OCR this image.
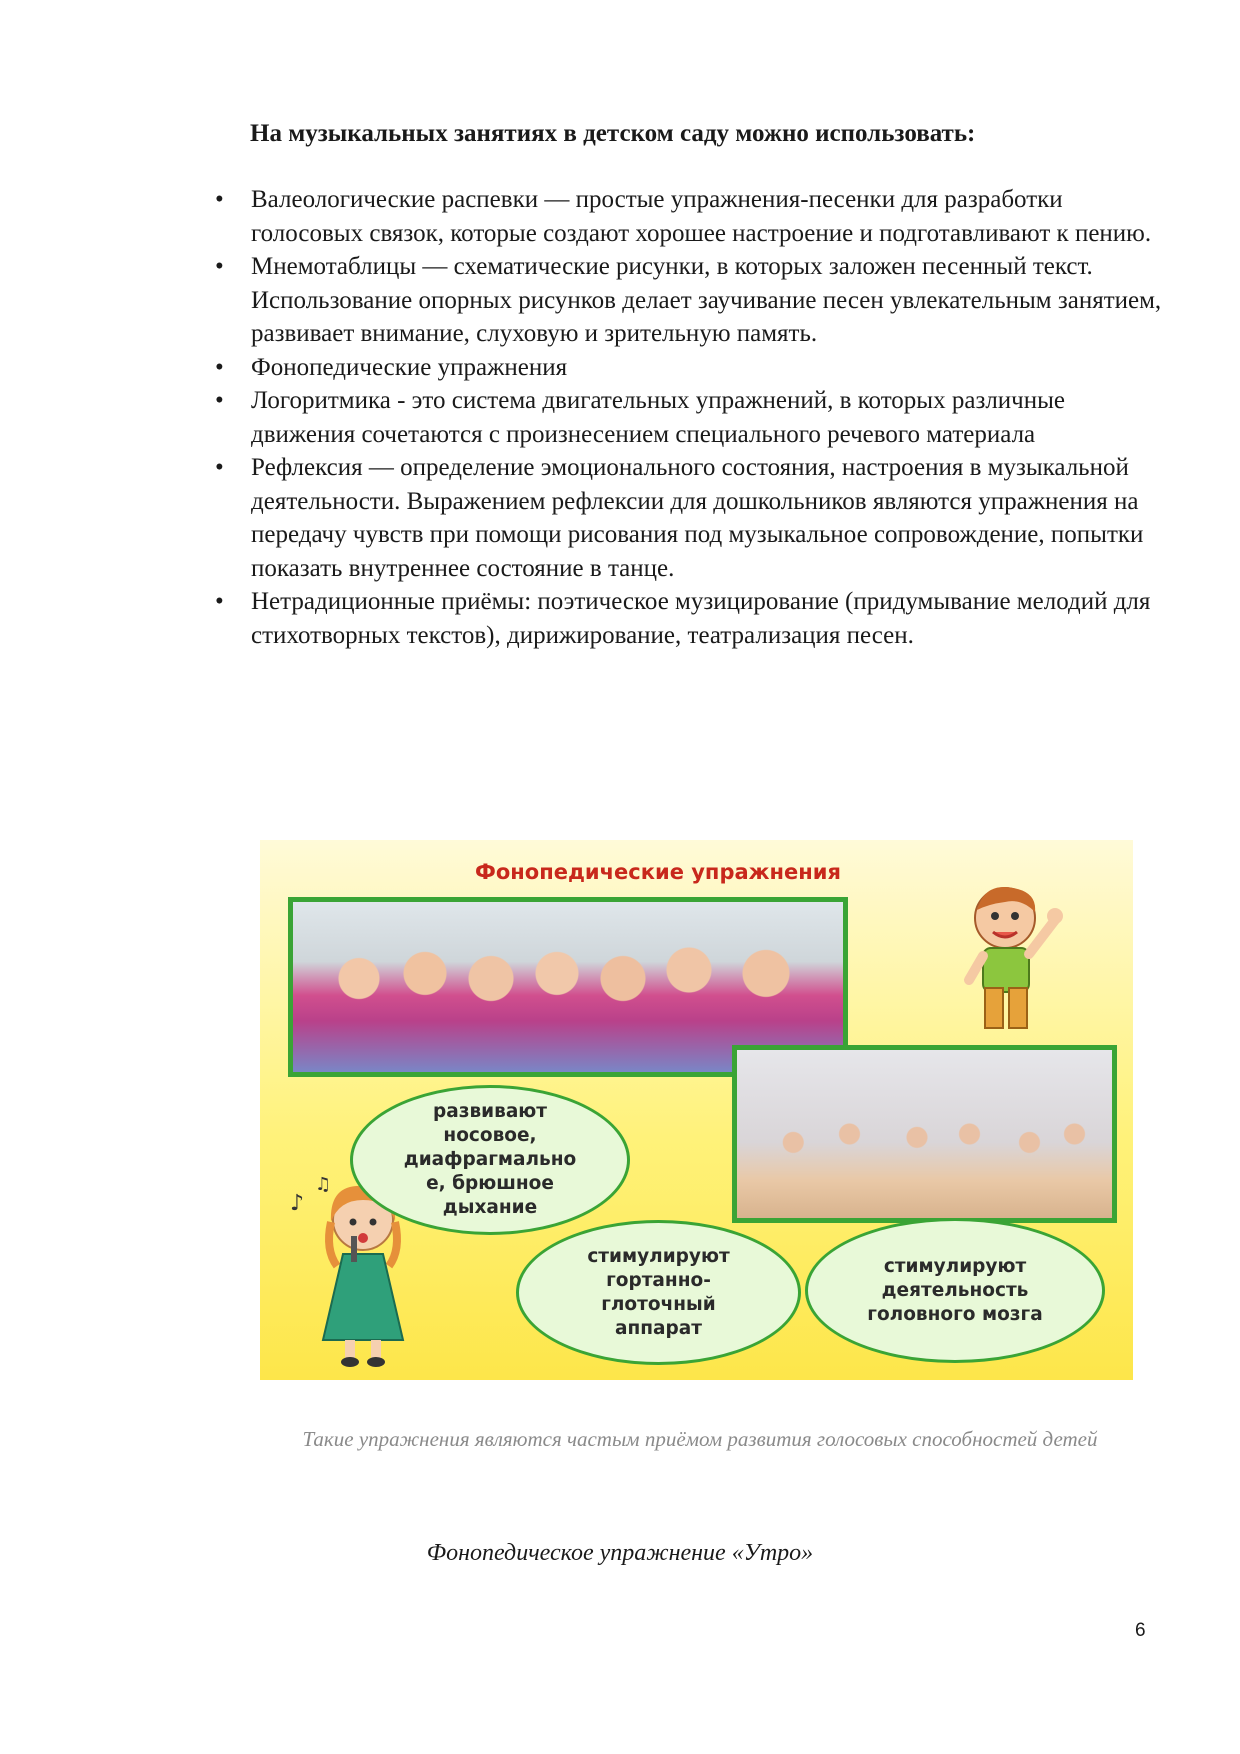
На музыкальных занятиях в детском саду можно использовать:
• Валеологические распевки — простые упражнения-песенки для разработки голосовых связок, которые создают хорошее настроение и подготавливают к пению.
• Мнемотаблицы — схематические рисунки, в которых заложен песенный текст. Использование опорных рисунков делает заучивание песен увлекательным занятием, развивает внимание, слуховую и зрительную память.
• Фонопедические упражнения
• Логоритмика - это система двигательных упражнений, в которых различные движения сочетаются с произнесением специального речевого материала
• Рефлексия — определение эмоционального состояния, настроения в музыкальной деятельности. Выражением рефлексии для дошкольников являются упражнения на передачу чувств при помощи рисования под музыкальное сопровождение, попытки показать внутреннее состояние в танце.
• Нетрадиционные приёмы: поэтическое музицирование (придумывание мелодий для стихотворных текстов), дирижирование, театрализация песен.

Фонопедические упражнения

♪
♫
развивают
носовое,
диафрагмально
е, брюшное
дыхание
стимулируют
гортанно-
глоточный
аппарат
стимулируют
деятельность
головного мозга

Такие упражнения являются частым приёмом развития голосовых способностей детей

Фонопедическое упражнение «Утро»

6
